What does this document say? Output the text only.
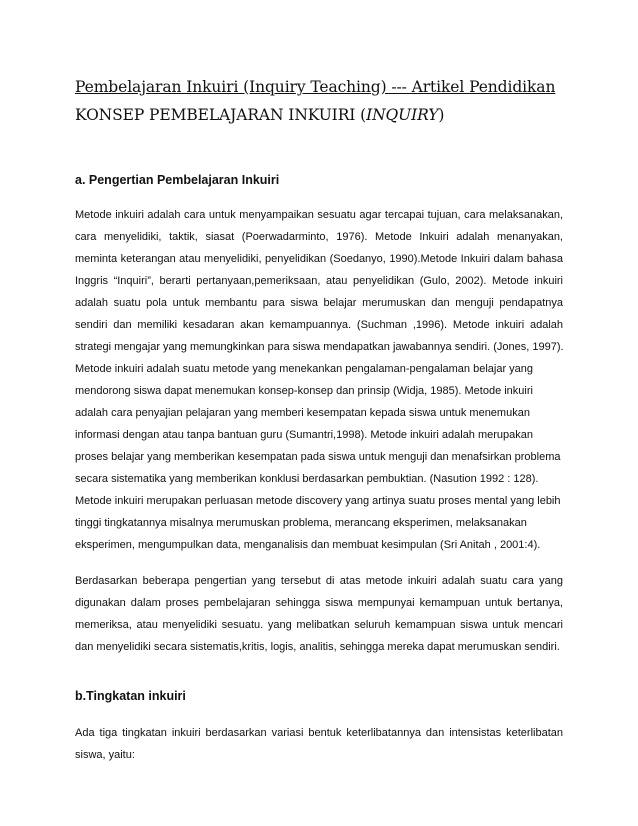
Pembelajaran Inkuiri (Inquiry Teaching) --- Artikel Pendidikan
KONSEP PEMBELAJARAN INKUIRI (INQUIRY)
a. Pengertian Pembelajaran Inkuiri
Metode inkuiri adalah cara untuk menyampaikan sesuatu agar tercapai tujuan, cara melaksanakan,
cara menyelidiki, taktik, siasat (Poerwadarminto, 1976). Metode Inkuiri adalah menanyakan,
meminta keterangan atau menyelidiki, penyelidikan (Soedanyo, 1990).Metode Inkuiri dalam bahasa
Inggris “Inquiri”, berarti pertanyaan,pemeriksaan, atau penyelidikan (Gulo, 2002). Metode inkuiri
adalah suatu pola untuk membantu para siswa belajar merumuskan dan menguji pendapatnya
sendiri dan memiliki kesadaran akan kemampuannya. (Suchman ,1996). Metode inkuiri adalah
strategi mengajar yang memungkinkan para siswa mendapatkan jawabannya sendiri. (Jones, 1997).
Metode inkuiri adalah suatu metode yang menekankan pengalaman-pengalaman belajar yang
mendorong siswa dapat menemukan konsep-konsep dan prinsip (Widja, 1985). Metode inkuiri
adalah cara penyajian pelajaran yang memberi kesempatan kepada siswa untuk menemukan
informasi dengan atau tanpa bantuan guru (Sumantri,1998). Metode inkuiri adalah merupakan
proses belajar yang memberikan kesempatan pada siswa untuk menguji dan menafsirkan problema
secara sistematika yang memberikan konklusi berdasarkan pembuktian. (Nasution 1992 : 128).
Metode inkuiri merupakan perluasan metode discovery yang artinya suatu proses mental yang lebih
tinggi tingkatannya misalnya merumuskan problema, merancang eksperimen, melaksanakan
eksperimen, mengumpulkan data, menganalisis dan membuat kesimpulan (Sri Anitah , 2001:4).
Berdasarkan beberapa pengertian yang tersebut di atas metode inkuiri adalah suatu cara yang
digunakan dalam proses pembelajaran sehingga siswa mempunyai kemampuan untuk bertanya,
memeriksa, atau menyelidiki sesuatu. yang melibatkan seluruh kemampuan siswa untuk mencari
dan menyelidiki secara sistematis,kritis, logis, analitis, sehingga mereka dapat merumuskan sendiri.
b.Tingkatan inkuiri
Ada tiga tingkatan inkuiri berdasarkan variasi bentuk keterlibatannya dan intensistas keterlibatan
siswa, yaitu:
